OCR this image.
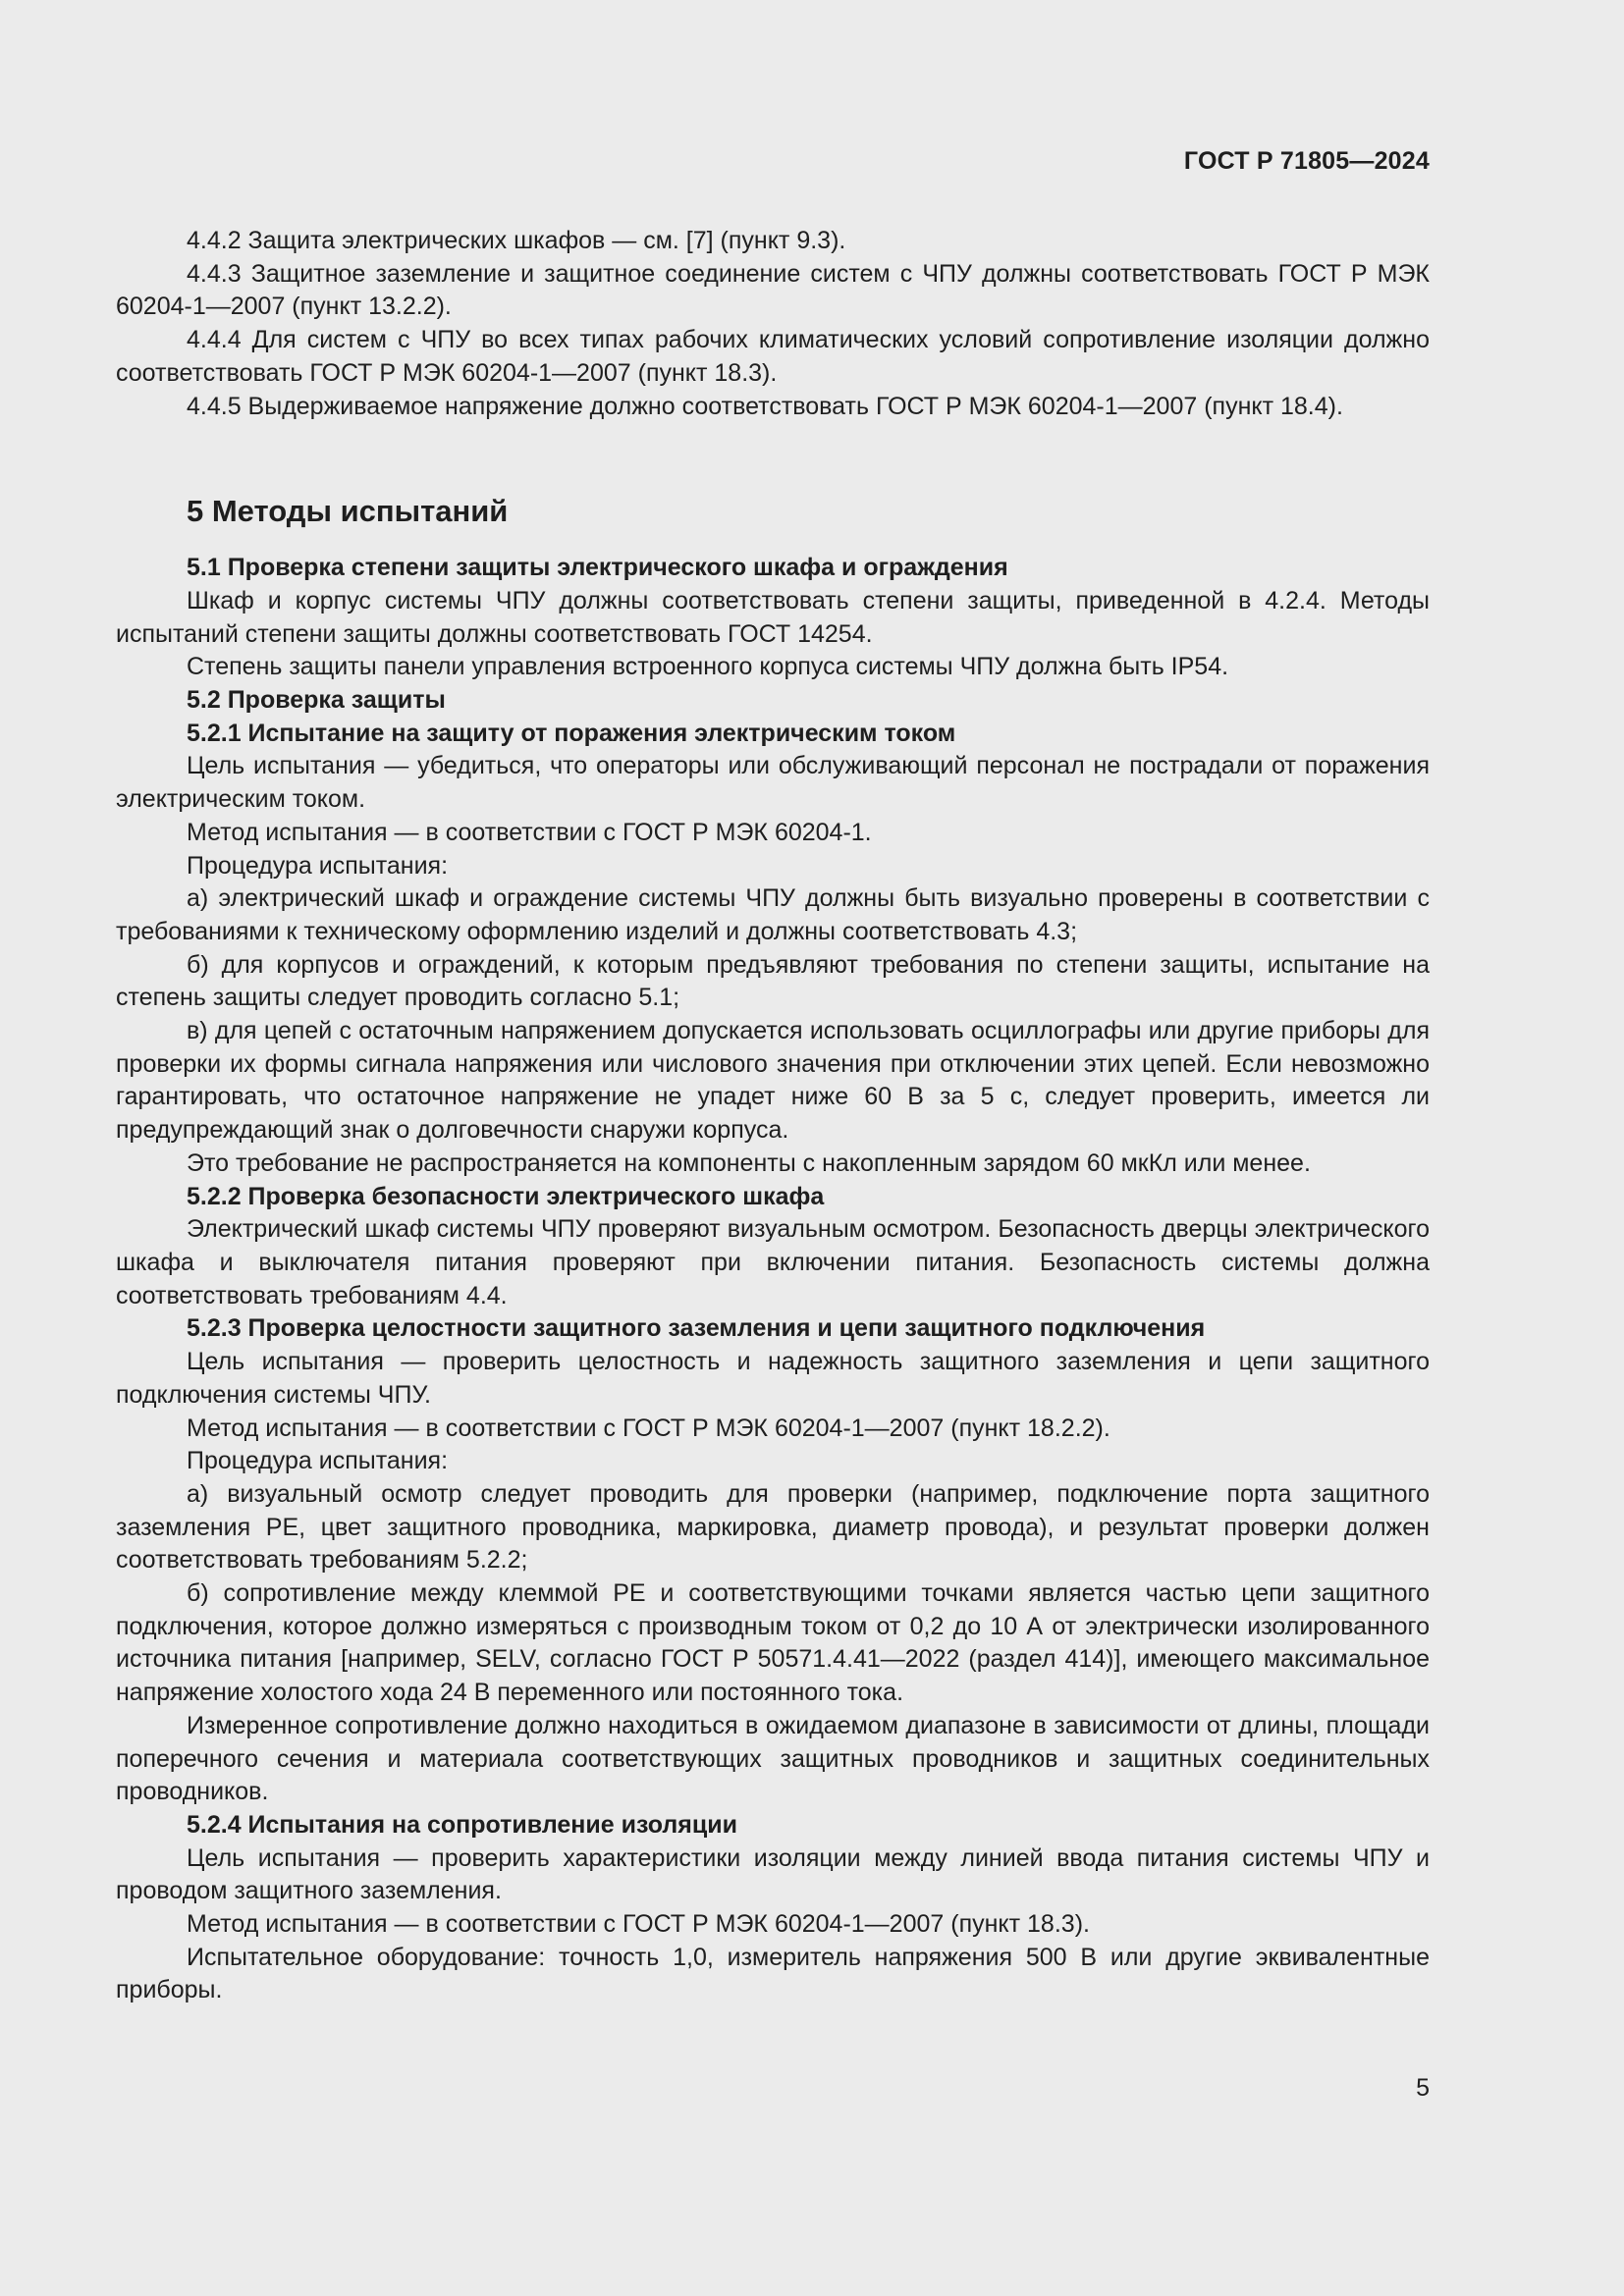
ГОСТ Р 71805—2024

4.4.2 Защита электрических шкафов — см. [7] (пункт 9.3).

4.4.3 Защитное заземление и защитное соединение систем с ЧПУ должны соответствовать ГОСТ Р МЭК 60204-1—2007 (пункт 13.2.2).

4.4.4 Для систем с ЧПУ во всех типах рабочих климатических условий сопротивление изоляции должно соответствовать ГОСТ Р МЭК 60204-1—2007 (пункт 18.3).

4.4.5 Выдерживаемое напряжение должно соответствовать ГОСТ Р МЭК 60204-1—2007 (пункт 18.4).

5 Методы испытаний

5.1 Проверка степени защиты электрического шкафа и ограждения

Шкаф и корпус системы ЧПУ должны соответствовать степени защиты, приведенной в 4.2.4. Методы испытаний степени защиты должны соответствовать ГОСТ 14254.

Степень защиты панели управления встроенного корпуса системы ЧПУ должна быть IP54.

5.2 Проверка защиты

5.2.1 Испытание на защиту от поражения электрическим током

Цель испытания — убедиться, что операторы или обслуживающий персонал не пострадали от поражения электрическим током.

Метод испытания — в соответствии с ГОСТ Р МЭК 60204-1.

Процедура испытания:

а) электрический шкаф и ограждение системы ЧПУ должны быть визуально проверены в соответствии с требованиями к техническому оформлению изделий и должны соответствовать 4.3;

б) для корпусов и ограждений, к которым предъявляют требования по степени защиты, испытание на степень защиты следует проводить согласно 5.1;

в) для цепей с остаточным напряжением допускается использовать осциллографы или другие приборы для проверки их формы сигнала напряжения или числового значения при отключении этих цепей. Если невозможно гарантировать, что остаточное напряжение не упадет ниже 60 В за 5 с, следует проверить, имеется ли предупреждающий знак о долговечности снаружи корпуса.

Это требование не распространяется на компоненты с накопленным зарядом 60 мкКл или менее.

5.2.2 Проверка безопасности электрического шкафа

Электрический шкаф системы ЧПУ проверяют визуальным осмотром. Безопасность дверцы электрического шкафа и выключателя питания проверяют при включении питания. Безопасность системы должна соответствовать требованиям 4.4.

5.2.3 Проверка целостности защитного заземления и цепи защитного подключения

Цель испытания — проверить целостность и надежность защитного заземления и цепи защитного подключения системы ЧПУ.

Метод испытания — в соответствии с ГОСТ Р МЭК 60204-1—2007 (пункт 18.2.2).

Процедура испытания:

а) визуальный осмотр следует проводить для проверки (например, подключение порта защитного заземления PE, цвет защитного проводника, маркировка, диаметр провода), и результат проверки должен соответствовать требованиям 5.2.2;

б) сопротивление между клеммой PE и соответствующими точками является частью цепи защитного подключения, которое должно измеряться с производным током от 0,2 до 10 А от электрически изолированного источника питания [например, SELV, согласно ГОСТ Р 50571.4.41—2022 (раздел 414)], имеющего максимальное напряжение холостого хода 24 В переменного или постоянного тока.

Измеренное сопротивление должно находиться в ожидаемом диапазоне в зависимости от длины, площади поперечного сечения и материала соответствующих защитных проводников и защитных соединительных проводников.

5.2.4 Испытания на сопротивление изоляции

Цель испытания — проверить характеристики изоляции между линией ввода питания системы ЧПУ и проводом защитного заземления.

Метод испытания — в соответствии с ГОСТ Р МЭК 60204-1—2007 (пункт 18.3).

Испытательное оборудование: точность 1,0, измеритель напряжения 500 В или другие эквивалентные приборы.

5
